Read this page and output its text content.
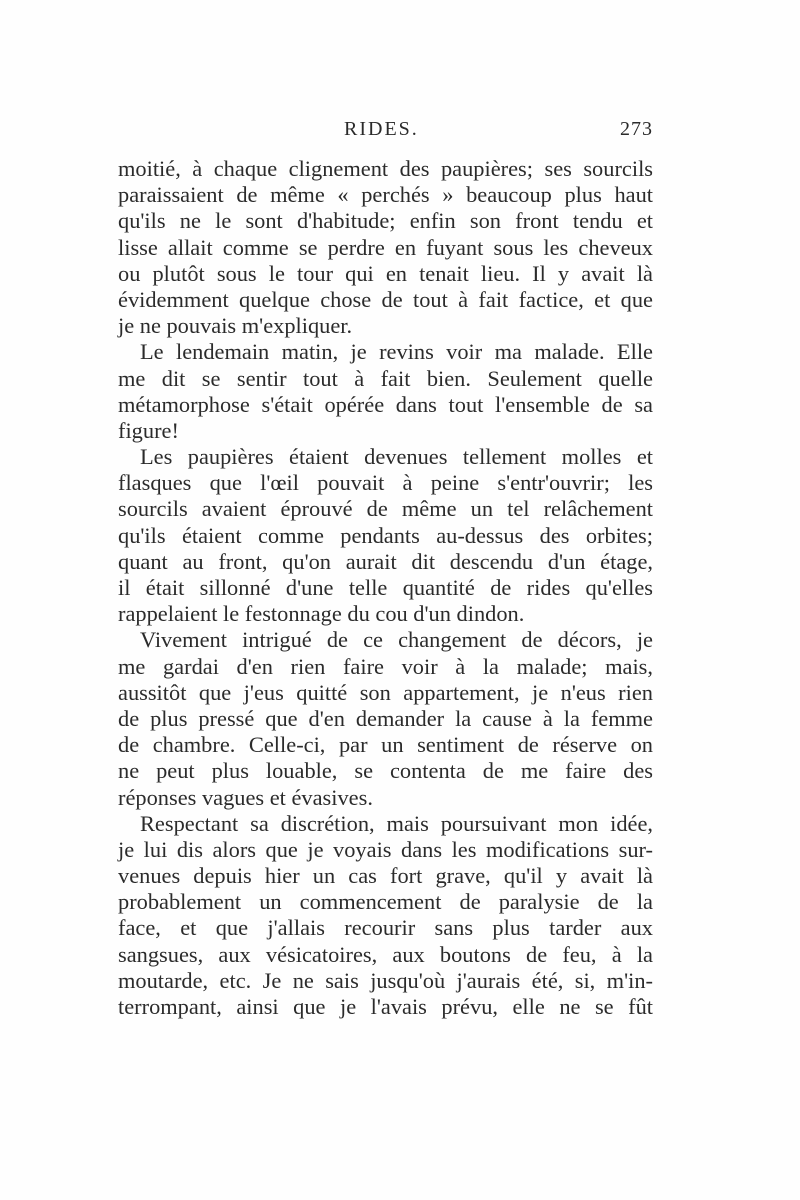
RIDES.	273
moitié, à chaque clignement des paupières; ses sourcils
paraissaient de même « perchés » beaucoup plus haut
qu'ils ne le sont d'habitude; enfin son front tendu et
lisse allait comme se perdre en fuyant sous les cheveux
ou plutôt sous le tour qui en tenait lieu. Il y avait là
évidemment quelque chose de tout à fait factice, et que
je ne pouvais m'expliquer.
Le lendemain matin, je revins voir ma malade. Elle
me dit se sentir tout à fait bien. Seulement quelle
métamorphose s'était opérée dans tout l'ensemble de sa
figure!
Les paupières étaient devenues tellement molles et
flasques que l'œil pouvait à peine s'entr'ouvrir; les
sourcils avaient éprouvé de même un tel relâchement
qu'ils étaient comme pendants au-dessus des orbites;
quant au front, qu'on aurait dit descendu d'un étage,
il était sillonné d'une telle quantité de rides qu'elles
rappelaient le festonnage du cou d'un dindon.
Vivement intrigué de ce changement de décors, je
me gardai d'en rien faire voir à la malade; mais,
aussitôt que j'eus quitté son appartement, je n'eus rien
de plus pressé que d'en demander la cause à la femme
de chambre. Celle-ci, par un sentiment de réserve on
ne peut plus louable, se contenta de me faire des
réponses vagues et évasives.
Respectant sa discrétion, mais poursuivant mon idée,
je lui dis alors que je voyais dans les modifications sur-
venues depuis hier un cas fort grave, qu'il y avait là
probablement un commencement de paralysie de la
face, et que j'allais recourir sans plus tarder aux
sangsues, aux vésicatoires, aux boutons de feu, à la
moutarde, etc. Je ne sais jusqu'où j'aurais été, si, m'in-
terrompant, ainsi que je l'avais prévu, elle ne se fût
